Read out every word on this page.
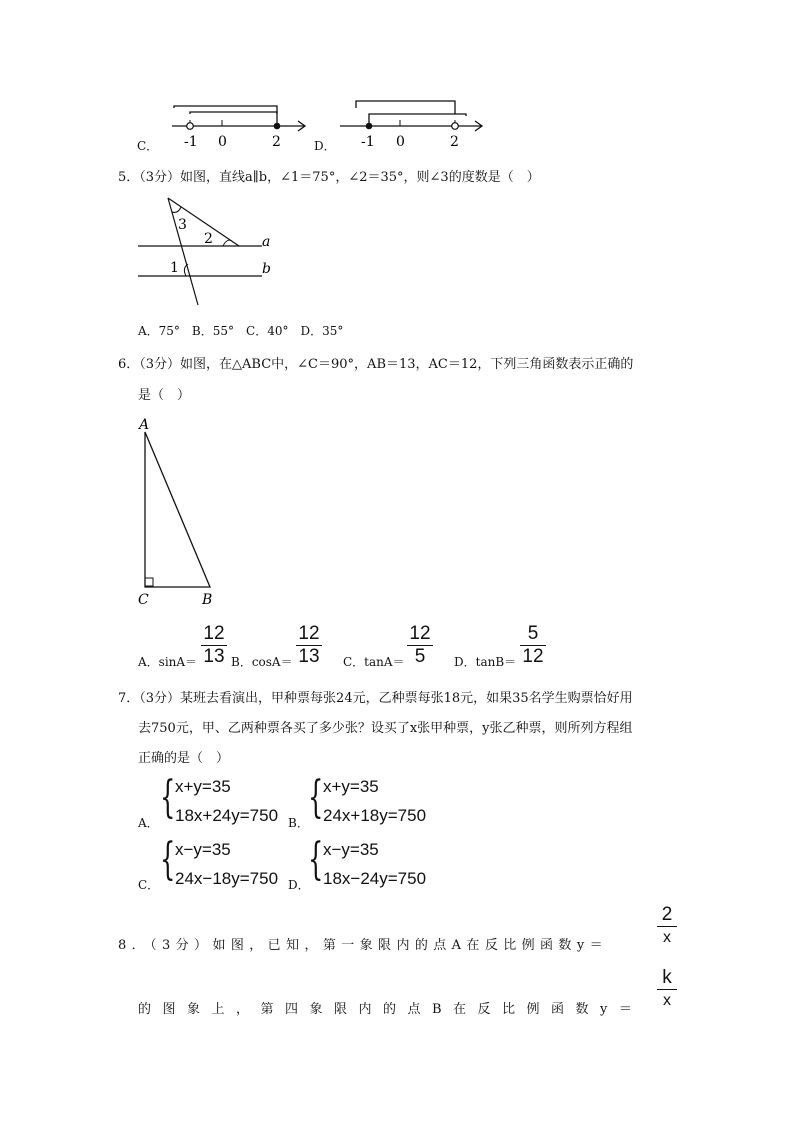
C． -1 0	2	D． -1 0	2
5．（3分）如图，直线a∥b，∠1＝75°，∠2＝35°，则∠3的度数是（　）
3
2
1
a
b
A．75°　B．55°　C．40°　D．35°
6．（3分）如图，在△ABC中，∠C＝90°，AB＝13，AC＝12，下列三角函数表示正确的
是（　）
A
C	B
A．sinA＝
12
13 B．cosA＝
12
13 C．tanA＝
12
5	D．tanB＝
5
12
7．（3分）某班去看演出，甲种票每张24元，乙种票每张18元，如果35名学生购票恰好用
去750元，甲、乙两种票各买了多少张？设买了x张甲种票，y张乙种票，则所列方程组
正确的是（　）
A． { x+y=35
18x+24y=750 B． { x+y=35
24x+18y=750
C． { x−y=35
24x−18y=750 D．
{ x−y=35
18x−24y=750
8．（3分）如图，已知，第一象限内的点A在反比例函数y＝
2
x
的图象上，第四象限内的点B在反比例函数y＝
k
x
